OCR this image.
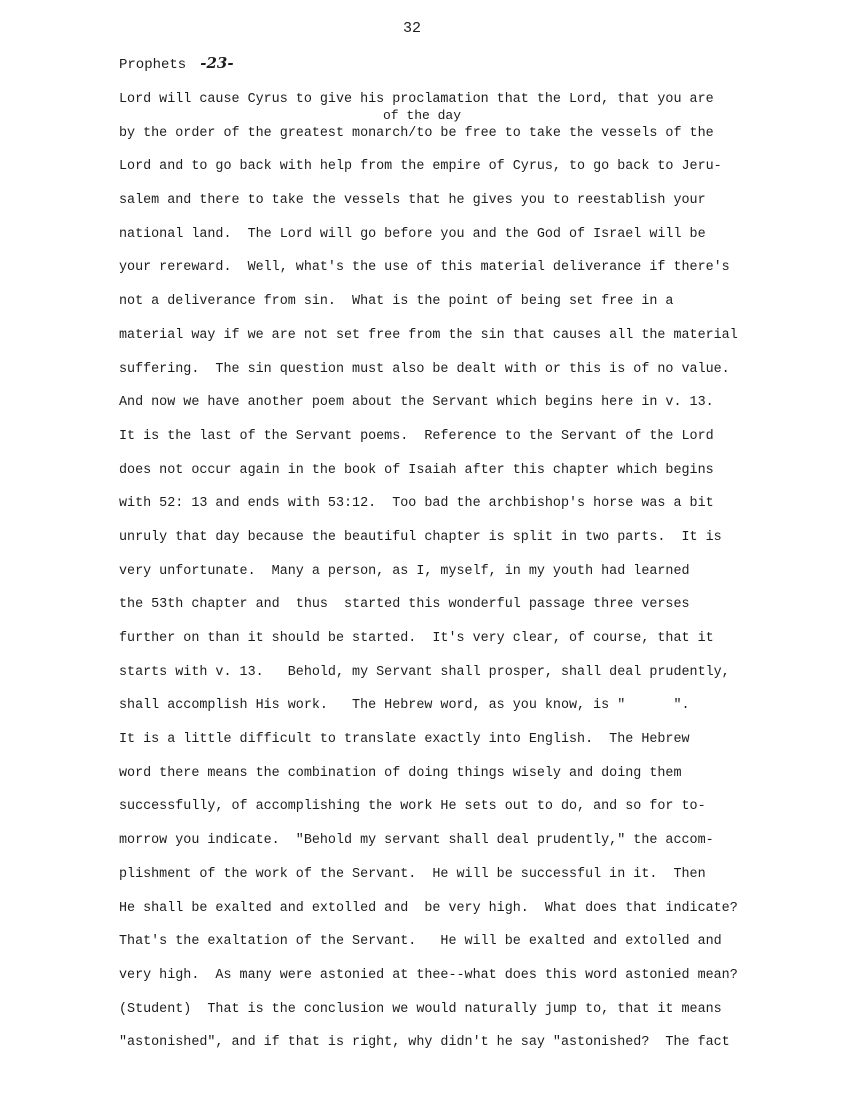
32
Prophets -23-
of the day
Lord will cause Cyrus to give his proclamation that the Lord, that you are
by the order of the greatest monarch/to be free to take the vessels of the
Lord and to go back with help from the empire of Cyrus, to go back to Jeru-
salem and there to take the vessels that he gives you to reestablish your
national land.  The Lord will go before you and the God of Israel will be
your rereward.  Well, what's the use of this material deliverance if there's
not a deliverance from sin.  What is the point of being set free in a
material way if we are not set free from the sin that causes all the material
suffering.  The sin question must also be dealt with or this is of no value.
And now we have another poem about the Servant which begins here in v. 13.
It is the last of the Servant poems.  Reference to the Servant of the Lord
does not occur again in the book of Isaiah after this chapter which begins
with 52: 13 and ends with 53:12.  Too bad the archbishop's horse was a bit
unruly that day because the beautiful chapter is split in two parts.  It is
very unfortunate.  Many a person, as I, myself, in my youth had learned
the 53th chapter and  thus  started this wonderful passage three verses
further on than it should be started.  It's very clear, of course, that it
starts with v. 13.   Behold, my Servant shall prosper, shall deal prudently,
shall accomplish His work.   The Hebrew word, as you know, is "      ".
It is a little difficult to translate exactly into English.  The Hebrew
word there means the combination of doing things wisely and doing them
successfully, of accomplishing the work He sets out to do, and so for to-
morrow you indicate.  "Behold my servant shall deal prudently," the accom-
plishment of the work of the Servant.  He will be successful in it.  Then
He shall be exalted and extolled and  be very high.  What does that indicate?
That's the exaltation of the Servant.   He will be exalted and extolled and
very high.  As many were astonied at thee--what does this word astonied mean?
(Student)  That is the conclusion we would naturally jump to, that it means
"astonished", and if that is right, why didn't he say "astonished?  The fact
